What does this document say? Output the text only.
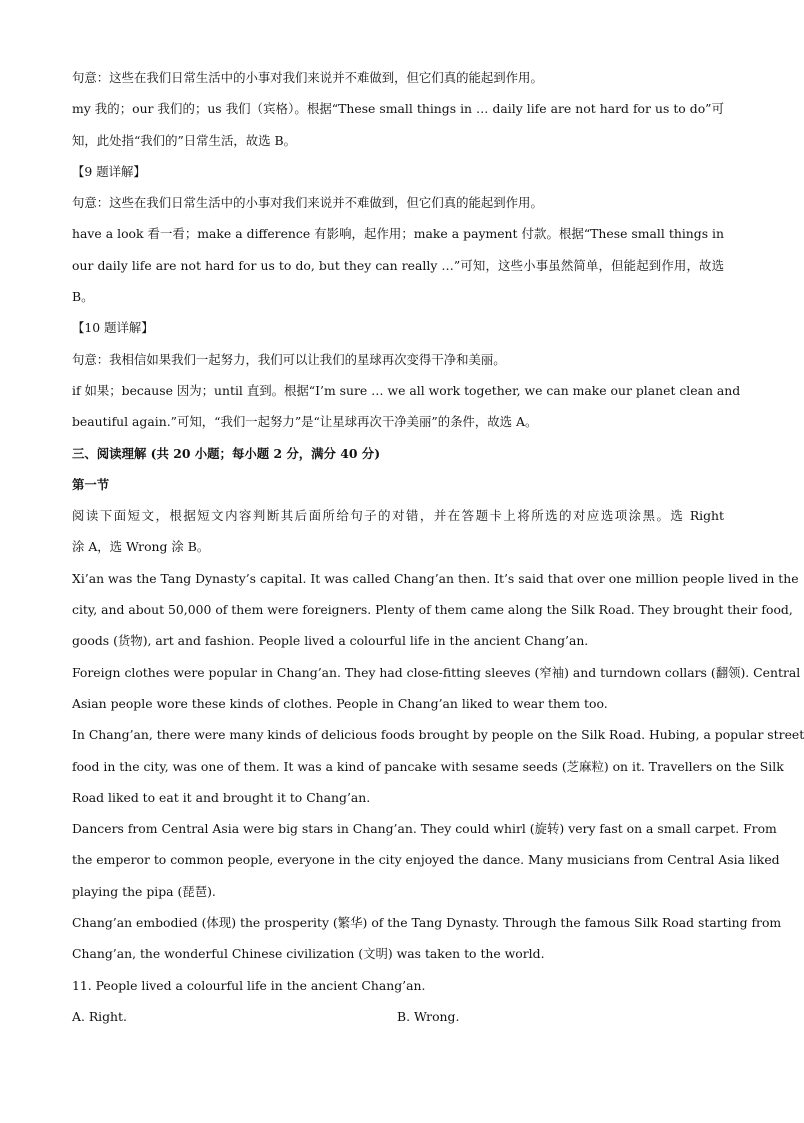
句意：这些在我们日常生活中的小事对我们来说并不难做到，但它们真的能起到作用。
my 我的；our 我们的；us 我们（宾格）。根据“These small things in … daily life are not hard for us to do”可
知，此处指“我们的”日常生活，故选 B。
【9 题详解】
句意：这些在我们日常生活中的小事对我们来说并不难做到，但它们真的能起到作用。
have a look 看一看；make a difference 有影响，起作用；make a payment 付款。根据“These small things in
our daily life are not hard for us to do, but they can really …”可知，这些小事虽然简单，但能起到作用，故选
B。
【10 题详解】
句意：我相信如果我们一起努力，我们可以让我们的星球再次变得干净和美丽。
if 如果；because 因为；until 直到。根据“I’m sure … we all work together, we can make our planet clean and
beautiful again.”可知，“我们一起努力”是“让星球再次干净美丽”的条件，故选 A。
三、阅读理解 (共 20 小题；每小题 2 分，满分 40 分)
第一节
阅读下面短文，根据短文内容判断其后面所给句子的对错，并在答题卡上将所选的对应选项涂黑。选 Right
涂 A，选 Wrong 涂 B。
Xi’an was the Tang Dynasty’s capital. It was called Chang’an then. It’s said that over one million people lived in the
city, and about 50,000 of them were foreigners. Plenty of them came along the Silk Road. They brought their food,
goods (货物), art and fashion. People lived a colourful life in the ancient Chang’an.
Foreign clothes were popular in Chang’an. They had close-fitting sleeves (窄袖) and turndown collars (翻领). Central
Asian people wore these kinds of clothes. People in Chang’an liked to wear them too.
In Chang’an, there were many kinds of delicious foods brought by people on the Silk Road. Hubing, a popular street
food in the city, was one of them. It was a kind of pancake with sesame seeds (芝麻粒) on it. Travellers on the Silk
Road liked to eat it and brought it to Chang’an.
Dancers from Central Asia were big stars in Chang’an. They could whirl (旋转) very fast on a small carpet. From
the emperor to common people, everyone in the city enjoyed the dance. Many musicians from Central Asia liked
playing the pipa (琵琶).
Chang’an embodied (体现) the prosperity (繁华) of the Tang Dynasty. Through the famous Silk Road starting from
Chang’an, the wonderful Chinese civilization (文明) was taken to the world.
11. People lived a colourful life in the ancient Chang’an.
A. Right.	B. Wrong.
